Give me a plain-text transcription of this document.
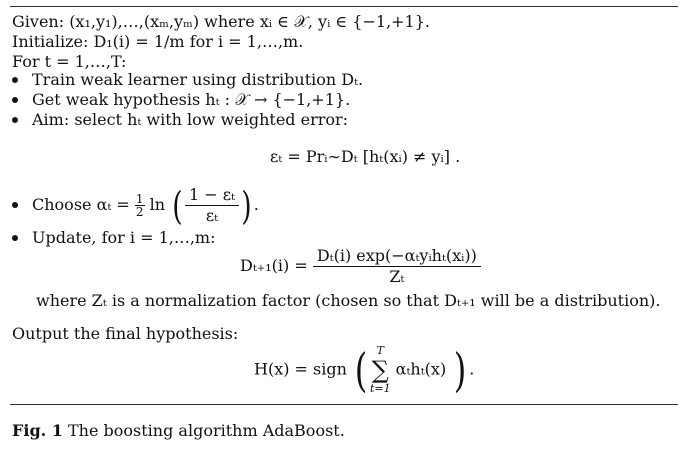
Given: (x₁,y₁),…,(xₘ,yₘ) where xᵢ ∈ 𝒳, yᵢ ∈ {−1,+1}.
Initialize: D₁(i) = 1/m for i = 1,…,m.
For t = 1,…,T:
Train weak learner using distribution Dₜ.
Get weak hypothesis hₜ : 𝒳 → {−1,+1}.
Aim: select hₜ with low weighted error:
εₜ = Prᵢ∼Dₜ [hₜ(xᵢ) ≠ yᵢ] .
Choose $\alpha_t = \frac{1}{2}$ ln ( $\frac{\text{1 − εₜ}}{\text{εₜ}}$ ) .
Update, for i = 1,…,m:
$D_{t+1}(i) = \frac{\text{Dₜ(i) exp(−αₜyᵢhₜ(xᵢ))}}{\text{Zₜ}}$
where Zₜ is a normalization factor (chosen so that Dₜ₊₁ will be a distribution).
Output the final hypothesis:
H(x) = sign ( T
∑
t=1
αₜhₜ(x) ) .
Fig. 1 The boosting algorithm AdaBoost.
